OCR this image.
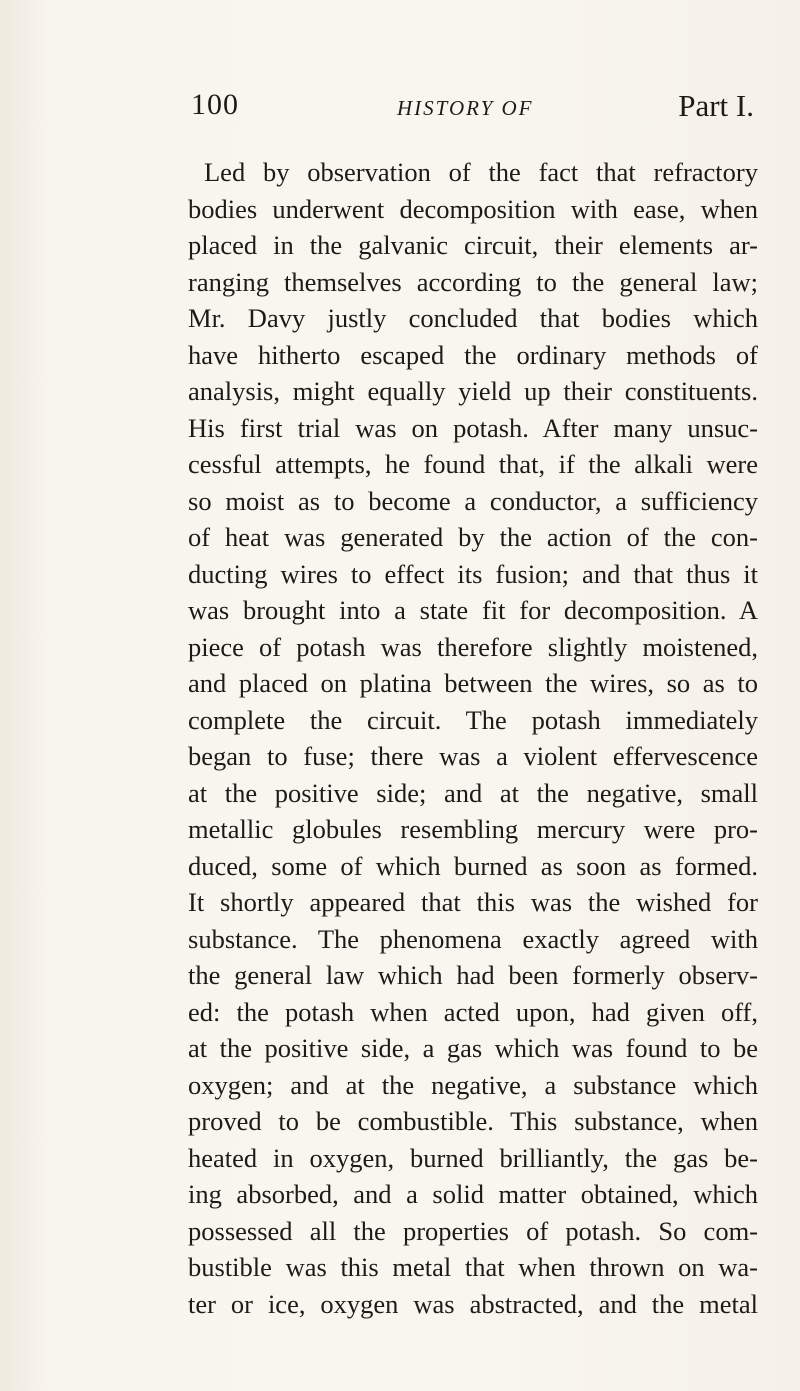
100	HISTORY OF	Part I.
Led by observation of the fact that refractory
bodies underwent decomposition with ease, when
placed in the galvanic circuit, their elements ar-
ranging themselves according to the general law;
Mr. Davy justly concluded that bodies which
have hitherto escaped the ordinary methods of
analysis, might equally yield up their constituents.
His first trial was on potash. After many unsuc-
cessful attempts, he found that, if the alkali were
so moist as to become a conductor, a sufficiency
of heat was generated by the action of the con-
ducting wires to effect its fusion; and that thus it
was brought into a state fit for decomposition. A
piece of potash was therefore slightly moistened,
and placed on platina between the wires, so as to
complete the circuit. The potash immediately
began to fuse; there was a violent effervescence
at the positive side; and at the negative, small
metallic globules resembling mercury were pro-
duced, some of which burned as soon as formed.
It shortly appeared that this was the wished for
substance. The phenomena exactly agreed with
the general law which had been formerly observ-
ed: the potash when acted upon, had given off,
at the positive side, a gas which was found to be
oxygen; and at the negative, a substance which
proved to be combustible. This substance, when
heated in oxygen, burned brilliantly, the gas be-
ing absorbed, and a solid matter obtained, which
possessed all the properties of potash. So com-
bustible was this metal that when thrown on wa-
ter or ice, oxygen was abstracted, and the metal
